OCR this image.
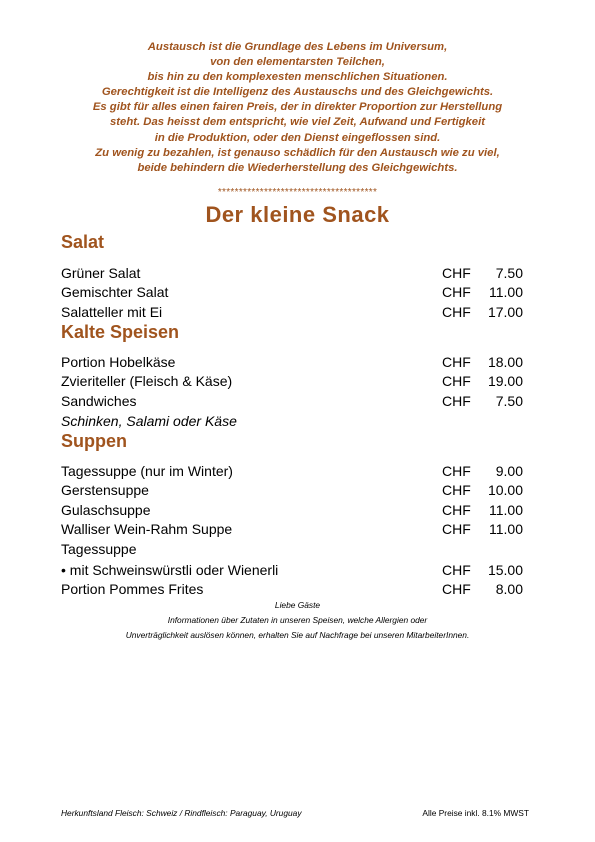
Austausch ist die Grundlage des Lebens im Universum,
von den elementarsten Teilchen,
bis hin zu den komplexesten menschlichen Situationen.
Gerechtigkeit ist die Intelligenz des Austauschs und des Gleichgewichts.
Es gibt für alles einen fairen Preis, der in direkter Proportion zur Herstellung
steht. Das heisst dem entspricht, wie viel Zeit, Aufwand und Fertigkeit
in die Produktion, oder den Dienst eingeflossen sind.
Zu wenig zu bezahlen, ist genauso schädlich für den Austausch wie zu viel,
beide behindern die Wiederherstellung des Gleichgewichts.
**************************************
Der kleine Snack
Salat
Grüner Salat	CHF 7.50
Gemischter Salat	CHF 11.00
Salatteller mit Ei	CHF 17.00
Kalte Speisen
Portion Hobelkäse	CHF 18.00
Zvieriteller (Fleisch & Käse)	CHF 19.00
Sandwiches	CHF 7.50
Schinken, Salami oder Käse
Suppen
Tagessuppe (nur im Winter)	CHF 9.00
Gerstensuppe	CHF 10.00
Gulaschsuppe	CHF 11.00
Walliser Wein-Rahm Suppe	CHF 11.00
Tagessuppe
• mit Schweinswürstli oder Wienerli	CHF 15.00
Portion Pommes Frites	CHF 8.00
Liebe Gäste
Informationen über Zutaten in unseren Speisen, welche Allergien oder
Unverträglichkeit auslösen können, erhalten Sie auf Nachfrage bei unseren MitarbeiterInnen.
Herkunftsland Fleisch: Schweiz / Rindfleisch: Paraguay, Uruguay	Alle Preise inkl. 8.1% MWST
